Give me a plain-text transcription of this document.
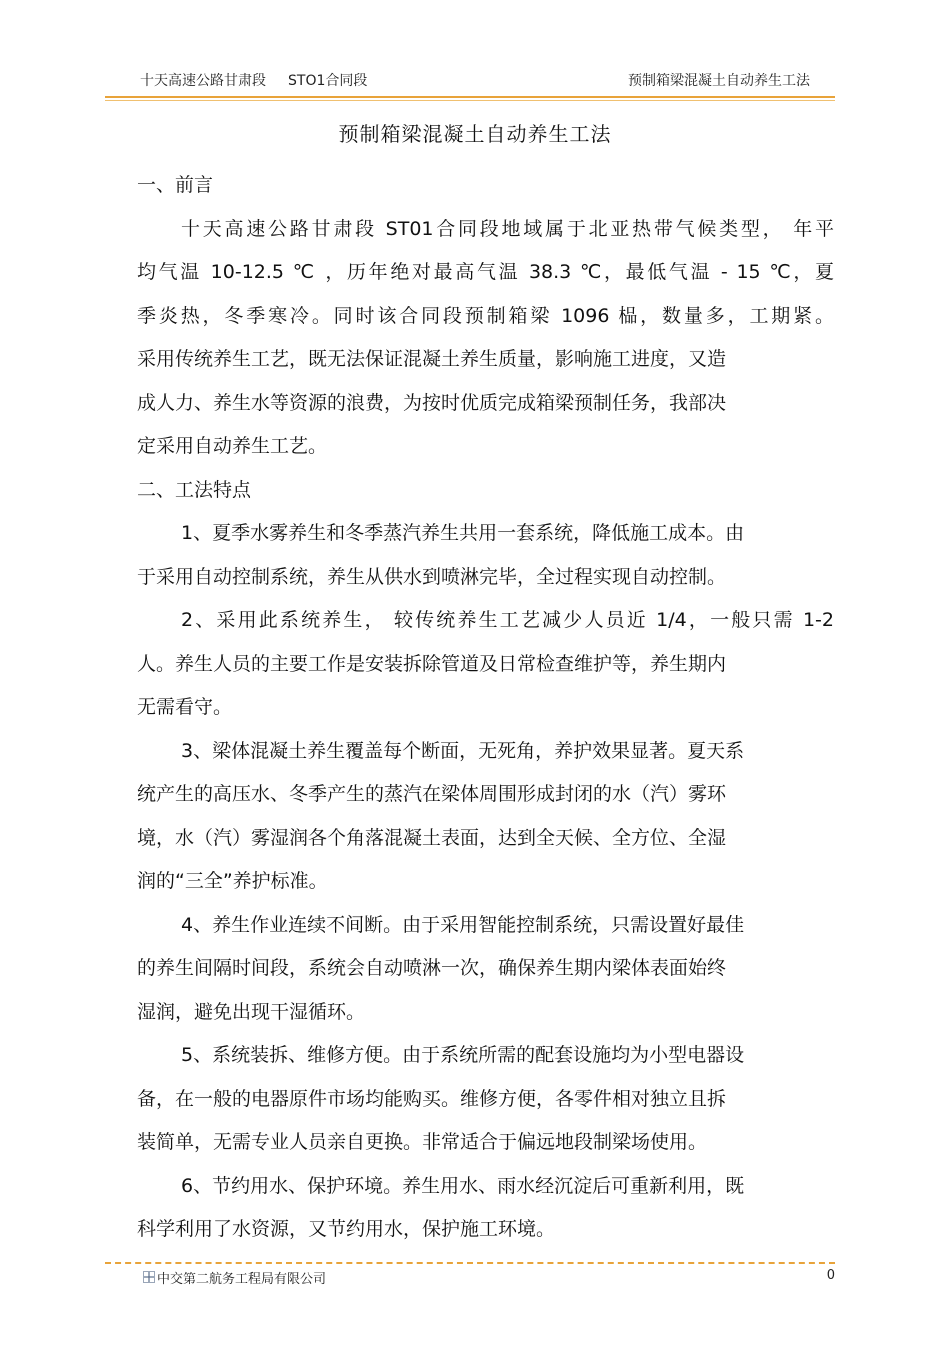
十天高速公路甘肃段 STO1合同段	预制箱梁混凝土自动养生工法
预制箱梁混凝土自动养生工法
一、前言
十天高速公路甘肃段 ST01合同段地域属于北亚热带气候类型， 年平
均气温 10-12.5 ℃ ，历年绝对最高气温 38.3 ℃，最低气温 - 15 ℃，夏
季炎热，冬季寒冷。同时该合同段预制箱梁 1096 榀，数量多，工期紧。
采用传统养生工艺，既无法保证混凝土养生质量，影响施工进度，又造
成人力、养生水等资源的浪费，为按时优质完成箱梁预制任务，我部决
定采用自动养生工艺。
二、工法特点
1、夏季水雾养生和冬季蒸汽养生共用一套系统，降低施工成本。由
于采用自动控制系统，养生从供水到喷淋完毕，全过程实现自动控制。
2、采用此系统养生， 较传统养生工艺减少人员近 1/4，一般只需 1-2
人。养生人员的主要工作是安装拆除管道及日常检查维护等，养生期内
无需看守。
3、梁体混凝土养生覆盖每个断面，无死角，养护效果显著。夏天系
统产生的高压水、冬季产生的蒸汽在梁体周围形成封闭的水（汽）雾环
境，水（汽）雾湿润各个角落混凝土表面，达到全天候、全方位、全湿
润的“三全”养护标准。
4、养生作业连续不间断。由于采用智能控制系统，只需设置好最佳
的养生间隔时间段，系统会自动喷淋一次，确保养生期内梁体表面始终
湿润，避免出现干湿循环。
5、系统装拆、维修方便。由于系统所需的配套设施均为小型电器设
备，在一般的电器原件市场均能购买。维修方便，各零件相对独立且拆
装简单，无需专业人员亲自更换。非常适合于偏远地段制梁场使用。
6、节约用水、保护环境。养生用水、雨水经沉淀后可重新利用，既
科学利用了水资源，又节约用水，保护施工环境。
中交第二航务工程局有限公司	0
